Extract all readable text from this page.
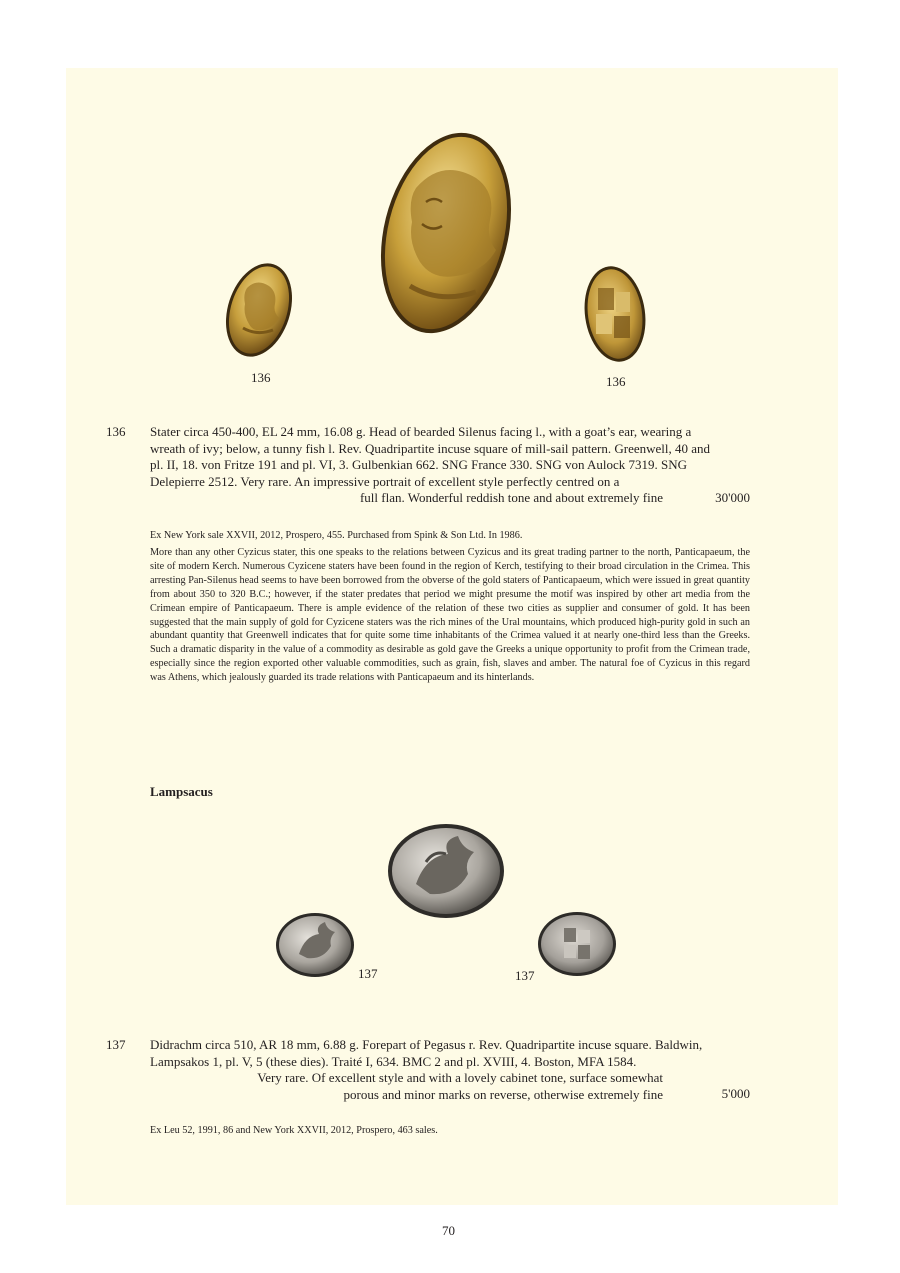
136	136
136 Stater circa 450-400, EL 24 mm, 16.08 g. Head of bearded Silenus facing l., with a goat’s ear, wearing a
wreath of ivy; below, a tunny fish l. Rev. Quadripartite incuse square of mill-sail pattern. Greenwell, 40 and
pl. II, 18. von Fritze 191 and pl. VI, 3. Gulbenkian 662. SNG France 330. SNG von Aulock 7319. SNG
Delepierre 2512. Very rare. An impressive portrait of excellent style perfectly centred on a
full flan. Wonderful reddish tone and about extremely fine	30'000
Ex New York sale XXVII, 2012, Prospero, 455. Purchased from Spink & Son Ltd. In 1986.
More than any other Cyzicus stater, this one speaks to the relations between Cyzicus and its great trading partner to the north, Panticapaeum, the site of modern Kerch. Numerous Cyzicene staters have been found in the region of Kerch, testifying to their broad circulation in the Crimea. This arresting Pan-Silenus head seems to have been borrowed from the obverse of the gold staters of Panticapaeum, which were issued in great quantity from about 350 to 320 B.C.; however, if the stater predates that period we might presume the motif was inspired by other art media from the Crimean empire of Panticapaeum. There is ample evidence of the relation of these two cities as supplier and consumer of gold. It has been suggested that the main supply of gold for Cyzicene staters was the rich mines of the Ural mountains, which produced high-purity gold in such an abundant quantity that Greenwell indicates that for quite some time inhabitants of the Crimea valued it at nearly one-third less than the Greeks. Such a dramatic disparity in the value of a commodity as desirable as gold gave the Greeks a unique opportunity to profit from the Crimean trade, especially since the region exported other valuable commodities, such as grain, fish, slaves and amber. The natural foe of Cyzicus in this regard was Athens, which jealously guarded its trade relations with Panticapaeum and its hinterlands.
Lampsacus
137	137
137 Didrachm circa 510, AR 18 mm, 6.88 g. Forepart of Pegasus r. Rev. Quadripartite incuse square. Baldwin,
Lampsakos 1, pl. V, 5 (these dies). Traité I, 634. BMC 2 and pl. XVIII, 4. Boston, MFA 1584.
Very rare. Of excellent style and with a lovely cabinet tone, surface somewhat
porous and minor marks on reverse, otherwise extremely fine	5'000
Ex Leu 52, 1991, 86 and New York XXVII, 2012, Prospero, 463 sales.
70
